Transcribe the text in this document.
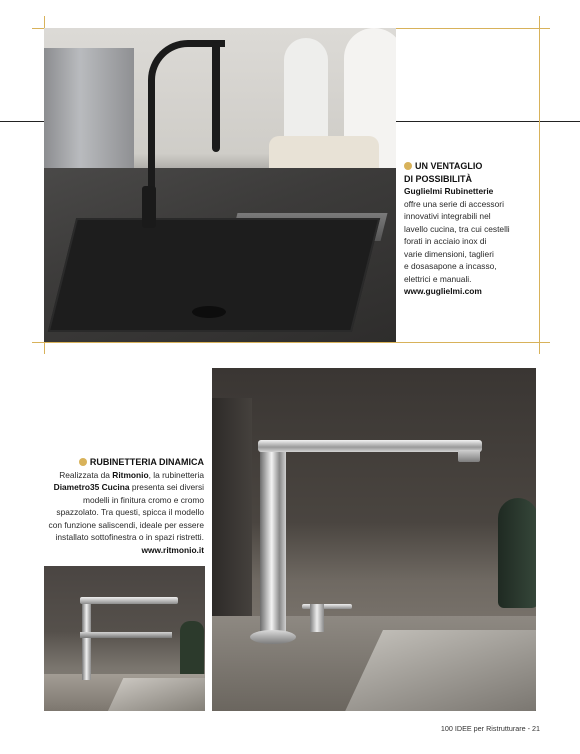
UN VENTAGLIO
DI POSSIBILITÀ
Guglielmi Rubinetterie
offre una serie di accessori
innovativi integrabili nel
lavello cucina, tra cui cestelli
forati in acciaio inox di
varie dimensioni, taglieri
e dosasapone a incasso,
elettrici e manuali.
www.guglielmi.com
RUBINETTERIA DINAMICA
Realizzata da Ritmonio, la rubinetteria
Diametro35 Cucina presenta sei diversi
modelli in finitura cromo e cromo
spazzolato. Tra questi, spicca il modello
con funzione saliscendi, ideale per essere
installato sottofinestra o in spazi ristretti.
www.ritmonio.it
100 IDEE per Ristrutturare - 21
